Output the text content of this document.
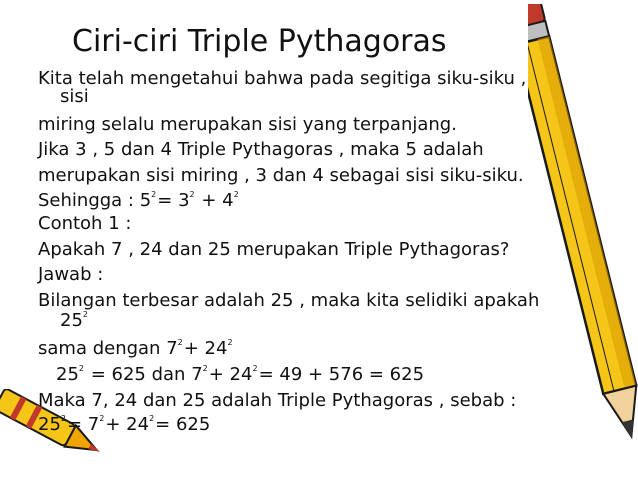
Ciri-ciri Triple Pythagoras
Kita telah mengetahui bahwa pada segitiga siku-siku ,
sisi
miring selalu merupakan sisi yang terpanjang.
Jika 3 , 5 dan 4 Triple Pythagoras , maka 5 adalah
merupakan sisi miring , 3 dan 4 sebagai sisi siku-siku.
Sehingga : $5^2= 3^2 + 4^2$
Contoh 1 :
Apakah 7 , 24 dan 25 merupakan Triple Pythagoras?
Jawab :
Bilangan terbesar adalah 25 , maka kita selidiki apakah
$25^2$
sama dengan $7^2+ 24^2$
$25^2 = 625$ dan $7^2+ 24^2= 49 + 576 = 625$
Maka 7, 24 dan 25 adalah Triple Pythagoras , sebab :
$25^2= 7^2+ 24^2= 625$
